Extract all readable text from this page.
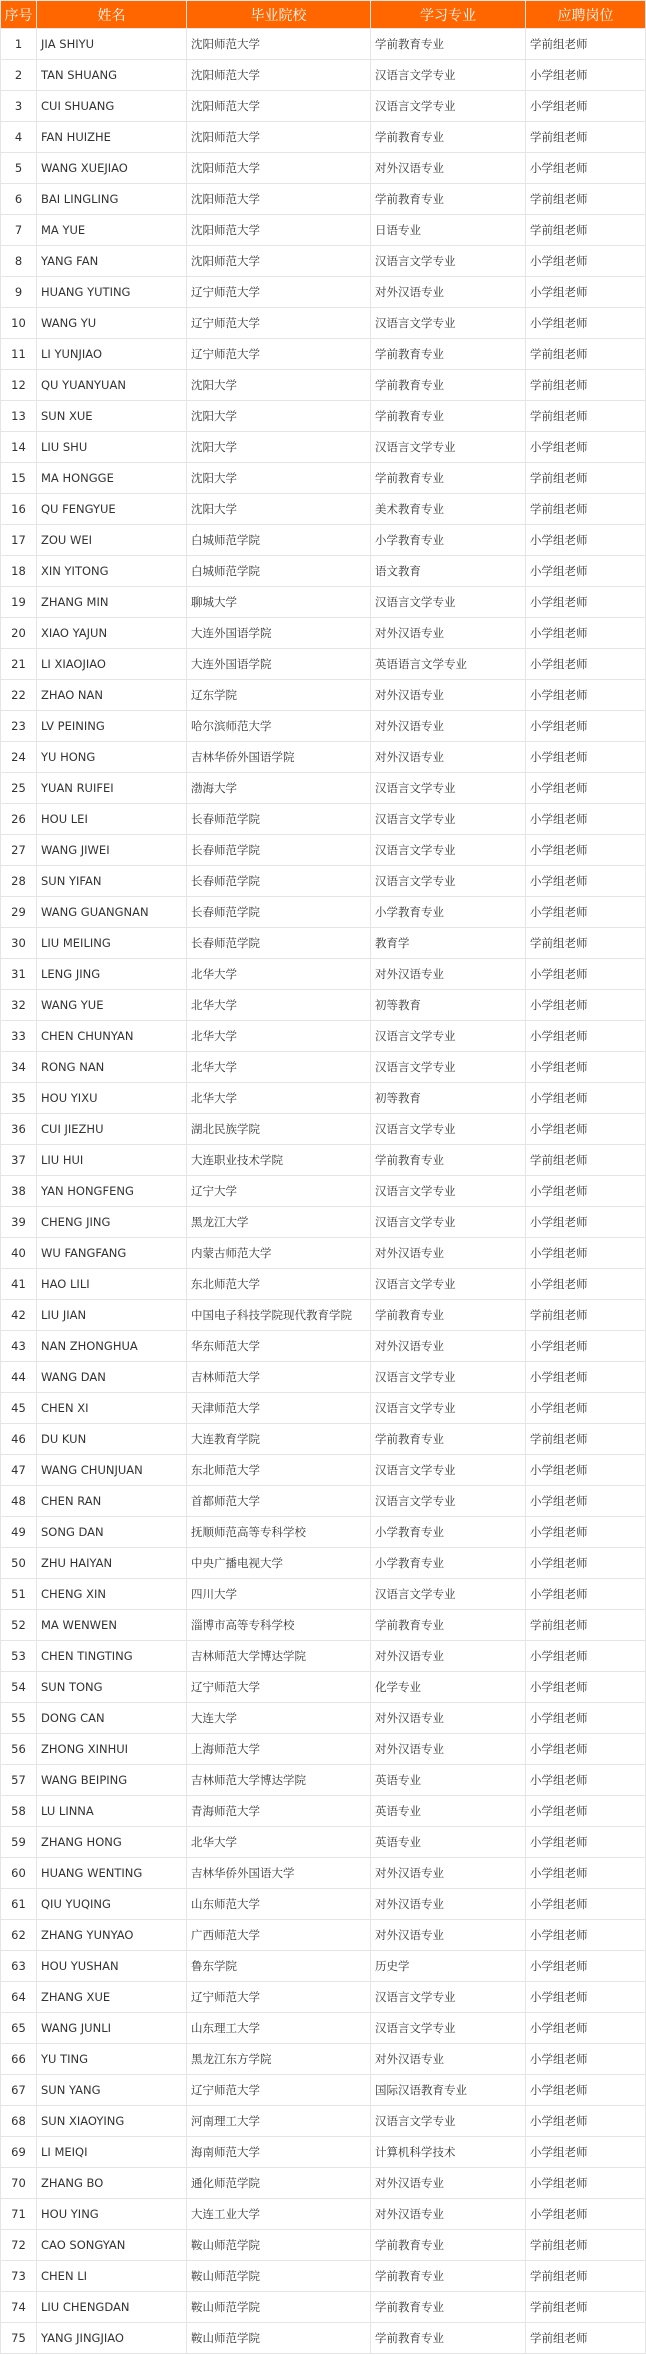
序号	姓名	毕业院校	学习专业	应聘岗位
1	JIA SHIYU	沈阳师范大学	学前教育专业	学前组老师
2	TAN SHUANG	沈阳师范大学	汉语言文学专业	小学组老师
3	CUI SHUANG	沈阳师范大学	汉语言文学专业	小学组老师
4	FAN HUIZHE	沈阳师范大学	学前教育专业	学前组老师
5	WANG XUEJIAO	沈阳师范大学	对外汉语专业	小学组老师
6	BAI LINGLING	沈阳师范大学	学前教育专业	学前组老师
7	MA YUE	沈阳师范大学	日语专业	学前组老师
8	YANG FAN	沈阳师范大学	汉语言文学专业	小学组老师
9	HUANG YUTING	辽宁师范大学	对外汉语专业	小学组老师
10	WANG YU	辽宁师范大学	汉语言文学专业	小学组老师
11	LI YUNJIAO	辽宁师范大学	学前教育专业	学前组老师
12	QU YUANYUAN	沈阳大学	学前教育专业	学前组老师
13	SUN XUE	沈阳大学	学前教育专业	学前组老师
14	LIU SHU	沈阳大学	汉语言文学专业	小学组老师
15	MA HONGGE	沈阳大学	学前教育专业	学前组老师
16	QU FENGYUE	沈阳大学	美术教育专业	学前组老师
17	ZOU WEI	白城师范学院	小学教育专业	小学组老师
18	XIN YITONG	白城师范学院	语文教育	小学组老师
19	ZHANG MIN	聊城大学	汉语言文学专业	小学组老师
20	XIAO YAJUN	大连外国语学院	对外汉语专业	小学组老师
21	LI XIAOJIAO	大连外国语学院	英语语言文学专业	小学组老师
22	ZHAO NAN	辽东学院	对外汉语专业	小学组老师
23	LV PEINING	哈尔滨师范大学	对外汉语专业	小学组老师
24	YU HONG	吉林华侨外国语学院	对外汉语专业	小学组老师
25	YUAN RUIFEI	渤海大学	汉语言文学专业	小学组老师
26	HOU LEI	长春师范学院	汉语言文学专业	小学组老师
27	WANG JIWEI	长春师范学院	汉语言文学专业	小学组老师
28	SUN YIFAN	长春师范学院	汉语言文学专业	小学组老师
29	WANG GUANGNAN	长春师范学院	小学教育专业	小学组老师
30	LIU MEILING	长春师范学院	教育学	学前组老师
31	LENG JING	北华大学	对外汉语专业	小学组老师
32	WANG YUE	北华大学	初等教育	小学组老师
33	CHEN CHUNYAN	北华大学	汉语言文学专业	小学组老师
34	RONG NAN	北华大学	汉语言文学专业	小学组老师
35	HOU YIXU	北华大学	初等教育	小学组老师
36	CUI JIEZHU	湖北民族学院	汉语言文学专业	小学组老师
37	LIU HUI	大连职业技术学院	学前教育专业	学前组老师
38	YAN HONGFENG	辽宁大学	汉语言文学专业	小学组老师
39	CHENG JING	黑龙江大学	汉语言文学专业	小学组老师
40	WU FANGFANG	内蒙古师范大学	对外汉语专业	小学组老师
41	HAO LILI	东北师范大学	汉语言文学专业	小学组老师
42	LIU JIAN	中国电子科技学院现代教育学院	学前教育专业	学前组老师
43	NAN ZHONGHUA	华东师范大学	对外汉语专业	小学组老师
44	WANG DAN	吉林师范大学	汉语言文学专业	小学组老师
45	CHEN XI	天津师范大学	汉语言文学专业	小学组老师
46	DU KUN	大连教育学院	学前教育专业	学前组老师
47	WANG CHUNJUAN	东北师范大学	汉语言文学专业	小学组老师
48	CHEN RAN	首都师范大学	汉语言文学专业	小学组老师
49	SONG DAN	抚顺师范高等专科学校	小学教育专业	小学组老师
50	ZHU HAIYAN	中央广播电视大学	小学教育专业	小学组老师
51	CHENG XIN	四川大学	汉语言文学专业	小学组老师
52	MA WENWEN	淄博市高等专科学校	学前教育专业	学前组老师
53	CHEN TINGTING	吉林师范大学博达学院	对外汉语专业	小学组老师
54	SUN TONG	辽宁师范大学	化学专业	小学组老师
55	DONG CAN	大连大学	对外汉语专业	小学组老师
56	ZHONG XINHUI	上海师范大学	对外汉语专业	小学组老师
57	WANG BEIPING	吉林师范大学博达学院	英语专业	小学组老师
58	LU LINNA	青海师范大学	英语专业	小学组老师
59	ZHANG HONG	北华大学	英语专业	小学组老师
60	HUANG WENTING	吉林华侨外国语大学	对外汉语专业	小学组老师
61	QIU YUQING	山东师范大学	对外汉语专业	小学组老师
62	ZHANG YUNYAO	广西师范大学	对外汉语专业	小学组老师
63	HOU YUSHAN	鲁东学院	历史学	小学组老师
64	ZHANG XUE	辽宁师范大学	汉语言文学专业	小学组老师
65	WANG JUNLI	山东理工大学	汉语言文学专业	小学组老师
66	YU TING	黑龙江东方学院	对外汉语专业	小学组老师
67	SUN YANG	辽宁师范大学	国际汉语教育专业	小学组老师
68	SUN XIAOYING	河南理工大学	汉语言文学专业	小学组老师
69	LI MEIQI	海南师范大学	计算机科学技术	小学组老师
70	ZHANG BO	通化师范学院	对外汉语专业	小学组老师
71	HOU YING	大连工业大学	对外汉语专业	小学组老师
72	CAO SONGYAN	鞍山师范学院	学前教育专业	学前组老师
73	CHEN LI	鞍山师范学院	学前教育专业	学前组老师
74	LIU CHENGDAN	鞍山师范学院	学前教育专业	学前组老师
75	YANG JINGJIAO	鞍山师范学院	学前教育专业	学前组老师
